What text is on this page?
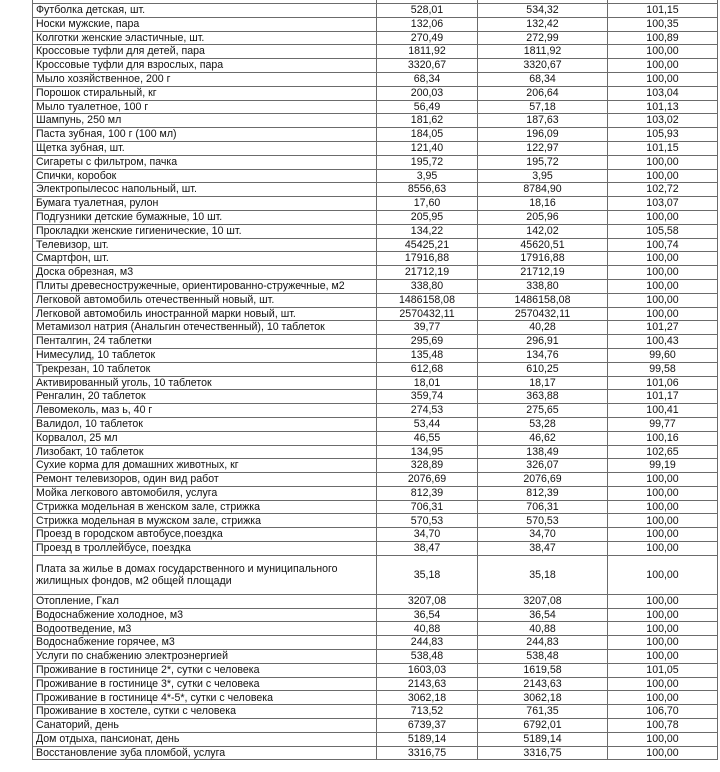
Футболка детская, шт.	528,01	534,32	101,15
Носки мужские, пара	132,06	132,42	100,35
Колготки женские эластичные, шт.	270,49	272,99	100,89
Кроссовые туфли для детей, пара	1811,92	1811,92	100,00
Кроссовые туфли для взрослых, пара	3320,67	3320,67	100,00
Мыло хозяйственное, 200 г	68,34	68,34	100,00
Порошок стиральный, кг	200,03	206,64	103,04
Мыло туалетное, 100 г	56,49	57,18	101,13
Шампунь, 250 мл	181,62	187,63	103,02
Паста зубная, 100 г (100 мл)	184,05	196,09	105,93
Щетка зубная, шт.	121,40	122,97	101,15
Сигареты с фильтром, пачка	195,72	195,72	100,00
Спички, коробок	3,95	3,95	100,00
Электропылесос напольный, шт.	8556,63	8784,90	102,72
Бумага туалетная, рулон	17,60	18,16	103,07
Подгузники детские бумажные, 10 шт.	205,95	205,96	100,00
Прокладки женские гигиенические, 10 шт.	134,22	142,02	105,58
Телевизор, шт.	45425,21	45620,51	100,74
Смартфон, шт.	17916,88	17916,88	100,00
Доска обрезная, м3	21712,19	21712,19	100,00
Плиты древесностружечные, ориентированно-стружечные, м2	338,80	338,80	100,00
Легковой автомобиль отечественный новый, шт.	1486158,08	1486158,08	100,00
Легковой автомобиль иностранной марки новый, шт.	2570432,11	2570432,11	100,00
Метамизол натрия (Анальгин отечественный), 10 таблеток	39,77	40,28	101,27
Пенталгин, 24 таблетки	295,69	296,91	100,43
Нимесулид, 10 таблеток	135,48	134,76	99,60
Трекрезан, 10 таблеток	612,68	610,25	99,58
Активированный уголь, 10 таблеток	18,01	18,17	101,06
Ренгалин, 20 таблеток	359,74	363,88	101,17
Левомеколь, маз ь, 40 г	274,53	275,65	100,41
Валидол, 10 таблеток	53,44	53,28	99,77
Корвалол, 25 мл	46,55	46,62	100,16
Лизобакт, 10 таблеток	134,95	138,49	102,65
Сухие корма для домашних животных, кг	328,89	326,07	99,19
Ремонт телевизоров, один вид работ	2076,69	2076,69	100,00
Мойка легкового автомобиля, услуга	812,39	812,39	100,00
Стрижка модельная в женском зале, стрижка	706,31	706,31	100,00
Стрижка модельная в мужском зале, стрижка	570,53	570,53	100,00
Проезд в городском автобусе,поездка	34,70	34,70	100,00
Проезд в троллейбусе, поездка	38,47	38,47	100,00
Плата за жилье в домах государственного и муниципального жилищных фондов, м2 общей площади	35,18	35,18	100,00
Отопление, Гкал	3207,08	3207,08	100,00
Водоснабжение холодное, м3	36,54	36,54	100,00
Водоотведение, м3	40,88	40,88	100,00
Водоснабжение горячее, м3	244,83	244,83	100,00
Услуги по снабжению электроэнергией	538,48	538,48	100,00
Проживание в гостинице 2*, сутки с человека	1603,03	1619,58	101,05
Проживание в гостинице 3*, сутки с человека	2143,63	2143,63	100,00
Проживание в гостинице 4*-5*, сутки с человека	3062,18	3062,18	100,00
Проживание в хостеле, сутки с человека	713,52	761,35	106,70
Санаторий, день	6739,37	6792,01	100,78
Дом отдыха, пансионат, день	5189,14	5189,14	100,00
Восстановление зуба пломбой, услуга	3316,75	3316,75	100,00
